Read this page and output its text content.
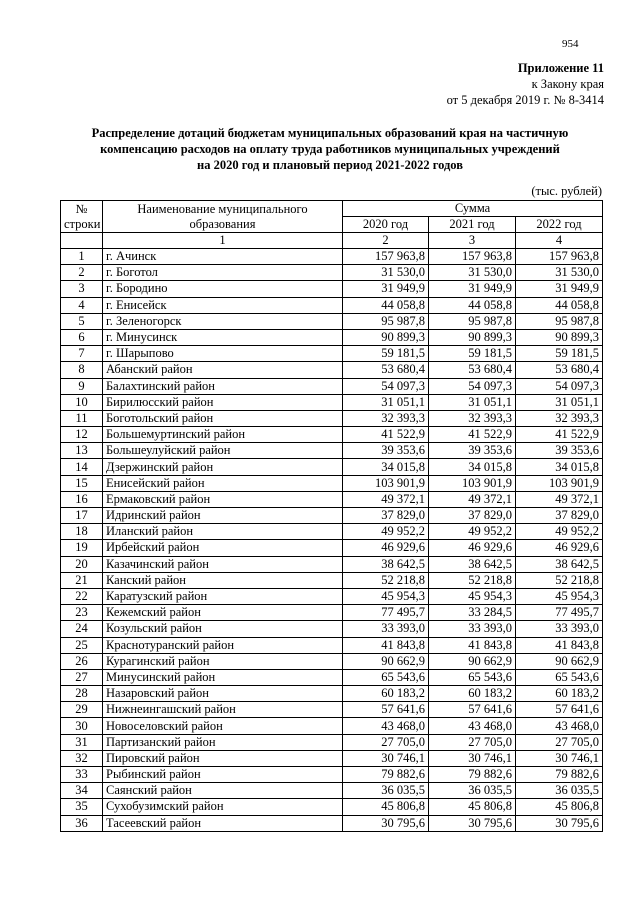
954
Приложение 11
к Закону края
от 5 декабря 2019 г. № 8-3414
Распределение дотаций бюджетам муниципальных образований края на частичную
компенсацию расходов на оплату труда работников муниципальных учреждений
на 2020 год и плановый период 2021-2022 годов
(тыс. рублей)
№ строки	Наименование муниципального образования	Сумма		
		2020 год	2021 год	2022 год
	1	2	3	4
1	г. Ачинск	157 963,8	157 963,8	157 963,8
2	г. Боготол	31 530,0	31 530,0	31 530,0
3	г. Бородино	31 949,9	31 949,9	31 949,9
4	г. Енисейск	44 058,8	44 058,8	44 058,8
5	г. Зеленогорск	95 987,8	95 987,8	95 987,8
6	г. Минусинск	90 899,3	90 899,3	90 899,3
7	г. Шарыпово	59 181,5	59 181,5	59 181,5
8	Абанский район	53 680,4	53 680,4	53 680,4
9	Балахтинский район	54 097,3	54 097,3	54 097,3
10	Бирилюсский район	31 051,1	31 051,1	31 051,1
11	Боготольский район	32 393,3	32 393,3	32 393,3
12	Большемуртинский район	41 522,9	41 522,9	41 522,9
13	Большеулуйский район	39 353,6	39 353,6	39 353,6
14	Дзержинский район	34 015,8	34 015,8	34 015,8
15	Енисейский район	103 901,9	103 901,9	103 901,9
16	Ермаковский район	49 372,1	49 372,1	49 372,1
17	Идринский район	37 829,0	37 829,0	37 829,0
18	Иланский район	49 952,2	49 952,2	49 952,2
19	Ирбейский район	46 929,6	46 929,6	46 929,6
20	Казачинский район	38 642,5	38 642,5	38 642,5
21	Канский район	52 218,8	52 218,8	52 218,8
22	Каратузский район	45 954,3	45 954,3	45 954,3
23	Кежемский район	77 495,7	33 284,5	77 495,7
24	Козульский район	33 393,0	33 393,0	33 393,0
25	Краснотуранский район	41 843,8	41 843,8	41 843,8
26	Курагинский район	90 662,9	90 662,9	90 662,9
27	Минусинский район	65 543,6	65 543,6	65 543,6
28	Назаровский район	60 183,2	60 183,2	60 183,2
29	Нижнеингашский район	57 641,6	57 641,6	57 641,6
30	Новоселовский район	43 468,0	43 468,0	43 468,0
31	Партизанский район	27 705,0	27 705,0	27 705,0
32	Пировский район	30 746,1	30 746,1	30 746,1
33	Рыбинский район	79 882,6	79 882,6	79 882,6
34	Саянский район	36 035,5	36 035,5	36 035,5
35	Сухобузимский район	45 806,8	45 806,8	45 806,8
36	Тасеевский район	30 795,6	30 795,6	30 795,6
